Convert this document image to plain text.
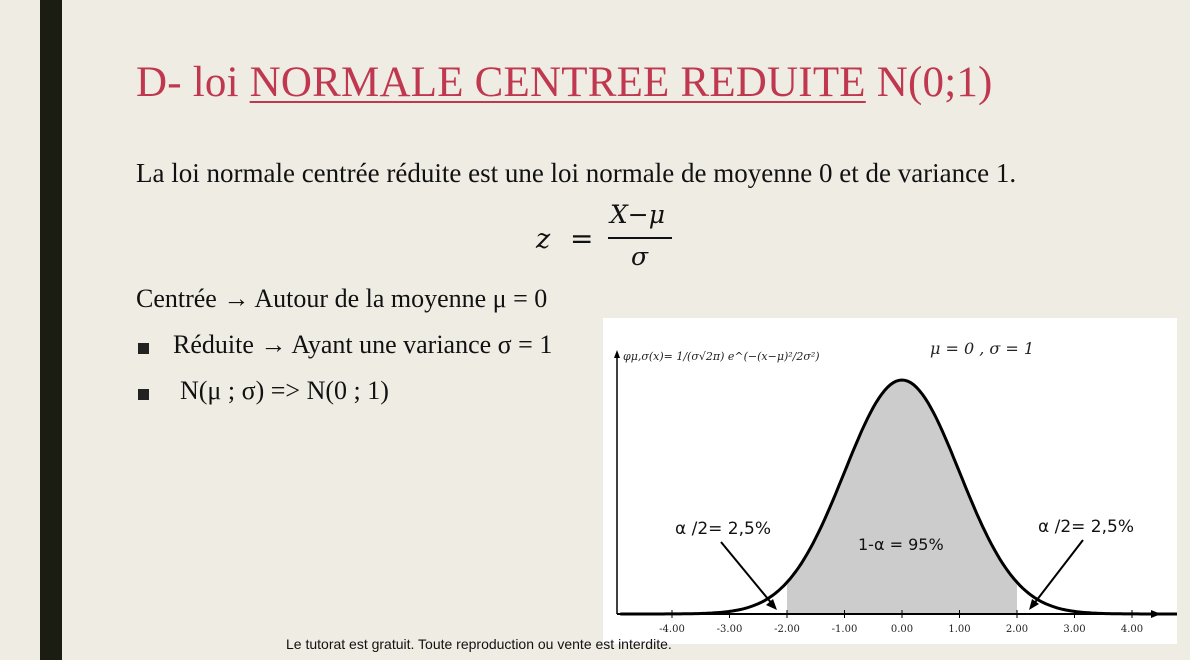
D- loi NORMALE CENTREE REDUITE N(0;1)

La loi normale centrée réduite est une loi normale de moyenne 0 et de variance 1.

z =
X−μ
σ

Centrée → Autour de la moyenne μ = 0

Réduite → Ayant une variance σ = 1

N(μ ; σ) => N(0 ; 1)

-4.00	-3.00	-2.00	-1.00	0.00	1.00	2.00	3.00	4.00
φμ,σ(x)= 1/(σ√2π) e^(−(x−μ)²/2σ²)	μ = 0 , σ = 1
α /2= 2,5%
1-α = 95%
α /2= 2,5%

Le tutorat est gratuit. Toute reproduction ou vente est interdite.
